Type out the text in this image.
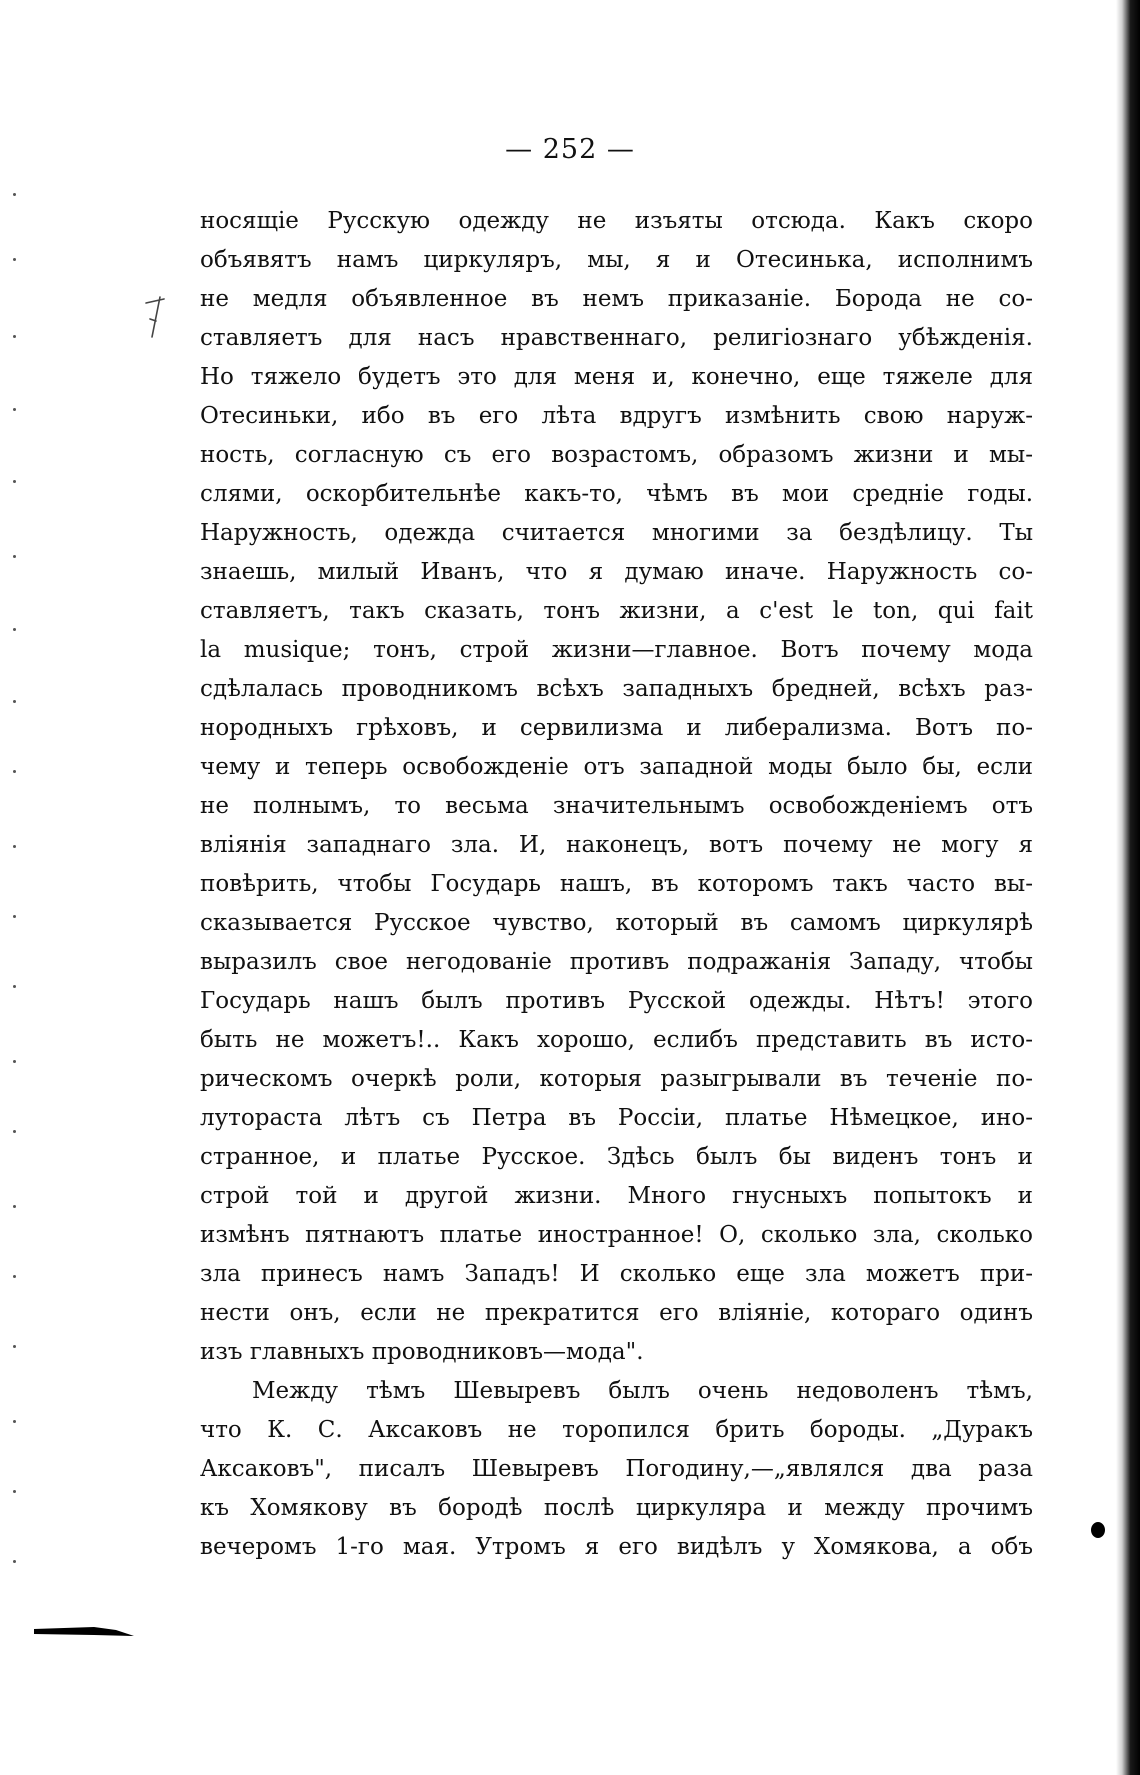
— 252 —
носящіе Русскую одежду не изъяты отсюда. Какъ скоро
объявятъ намъ циркуляръ, мы, я и Отесинька, исполнимъ
не медля объявленное въ немъ приказаніе. Борода не со-
ставляетъ для насъ нравственнаго, религіознаго убѣжденія.
Но тяжело будетъ это для меня и, конечно, еще тяжеле для
Отесиньки, ибо въ его лѣта вдругъ измѣнить свою наруж-
ность, согласную съ его возрастомъ, образомъ жизни и мы-
слями, оскорбительнѣе какъ-то, чѣмъ въ мои средніе годы.
Наружность, одежда считается многими за бездѣлицу. Ты
знаешь, милый Иванъ, что я думаю иначе. Наружность со-
ставляетъ, такъ сказать, тонъ жизни, a c'est le ton, qui fait
la musique; тонъ, строй жизни—главное. Вотъ почему мода
сдѣлалась проводникомъ всѣхъ западныхъ бредней, всѣхъ раз-
нородныхъ грѣховъ, и сервилизма и либерализма. Вотъ по-
чему и теперь освобожденіе отъ западной моды было бы, если
не полнымъ, то весьма значительнымъ освобожденіемъ отъ
вліянія западнаго зла. И, наконецъ, вотъ почему не могу я
повѣрить, чтобы Государь нашъ, въ которомъ такъ часто вы-
сказывается Русское чувство, который въ самомъ циркулярѣ
выразилъ свое негодованіе противъ подражанія Западу, чтобы
Государь нашъ былъ противъ Русской одежды. Нѣтъ! этого
быть не можетъ!.. Какъ хорошо, еслибъ представить въ исто-
рическомъ очеркѣ роли, которыя разыгрывали въ теченіе по-
лутораста лѣтъ съ Петра въ Россіи, платье Нѣмецкое, ино-
странное, и платье Русское. Здѣсь былъ бы виденъ тонъ и
строй той и другой жизни. Много гнусныхъ попытокъ и
измѣнъ пятнаютъ платье иностранное! О, сколько зла, сколько
зла принесъ намъ Западъ! И сколько еще зла можетъ при-
нести онъ, если не прекратится его вліяніе, котораго одинъ
изъ главныхъ проводниковъ—мода".
Между тѣмъ Шевыревъ былъ очень недоволенъ тѣмъ,
что К. С. Аксаковъ не торопился брить бороды. „Дуракъ
Аксаковъ", писалъ Шевыревъ Погодину,—„являлся два раза
къ Хомякову въ бородѣ послѣ циркуляра и между прочимъ
вечеромъ 1-го мая. Утромъ я его видѣлъ у Хомякова, а объ
